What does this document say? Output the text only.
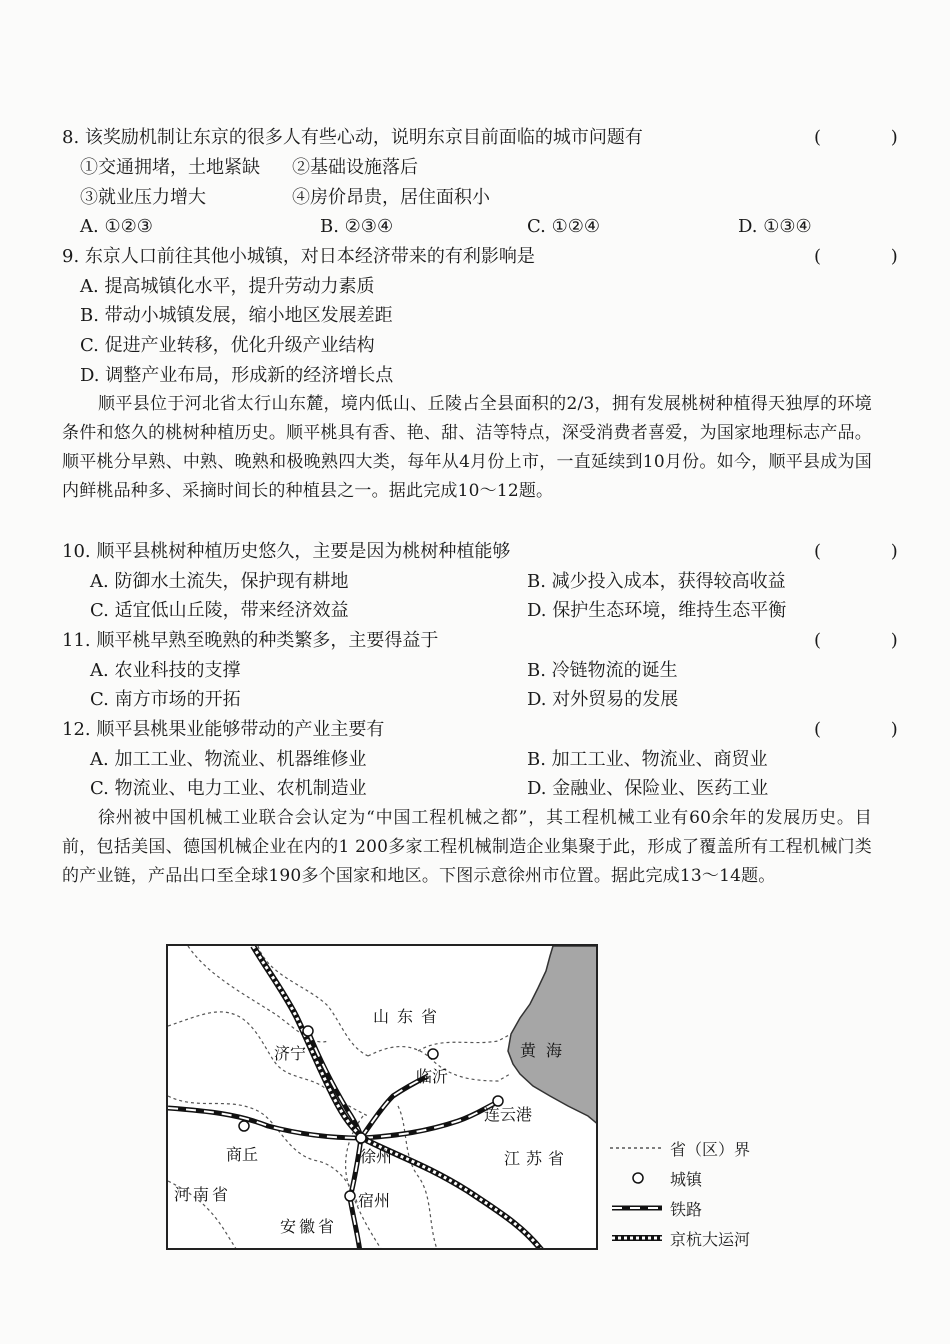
8. 该奖励机制让东京的很多人有些心动，说明东京目前面临的城市问题有	( )
①交通拥堵，土地紧缺 ②基础设施落后
③就业压力增大	④房价昂贵，居住面积小
A. ①②③	B. ②③④	C. ①②④	D. ①③④
9. 东京人口前往其他小城镇，对日本经济带来的有利影响是	( )
A. 提高城镇化水平，提升劳动力素质
B. 带动小城镇发展，缩小地区发展差距
C. 促进产业转移，优化升级产业结构
D. 调整产业布局，形成新的经济增长点
顺平县位于河北省太行山东麓，境内低山、丘陵占全县面积的2/3，拥有发展桃树种植得天独厚的环境条件和悠久的桃树种植历史。顺平桃具有香、艳、甜、洁等特点，深受消费者喜爱，为国家地理标志产品。顺平桃分早熟、中熟、晚熟和极晚熟四大类，每年从4月份上市，一直延续到10月份。如今，顺平县成为国内鲜桃品种多、采摘时间长的种植县之一。据此完成10～12题。
10. 顺平县桃树种植历史悠久，主要是因为桃树种植能够	( )
A. 防御水土流失，保护现有耕地	B. 减少投入成本，获得较高收益
C. 适宜低山丘陵，带来经济效益	D. 保护生态环境，维持生态平衡
11. 顺平桃早熟至晚熟的种类繁多，主要得益于	( )
A. 农业科技的支撑	B. 冷链物流的诞生
C. 南方市场的开拓	D. 对外贸易的发展
12. 顺平县桃果业能够带动的产业主要有	( )
A. 加工工业、物流业、机器维修业	B. 加工工业、物流业、商贸业
C. 物流业、电力工业、农机制造业	D. 金融业、保险业、医药工业
徐州被中国机械工业联合会认定为“中国工程机械之都”，其工程机械工业有60余年的发展历史。目前，包括美国、德国机械企业在内的1 200多家工程机械制造企业集聚于此，形成了覆盖所有工程机械门类的产业链，产品出口至全球190多个国家和地区。下图示意徐州市位置。据此完成13～14题。
山东省
黄海
济宁
临沂
连云港
商丘	徐州	江苏省
河南省	宿州
安徽省
省（区）界
城镇
铁路
京杭大运河
